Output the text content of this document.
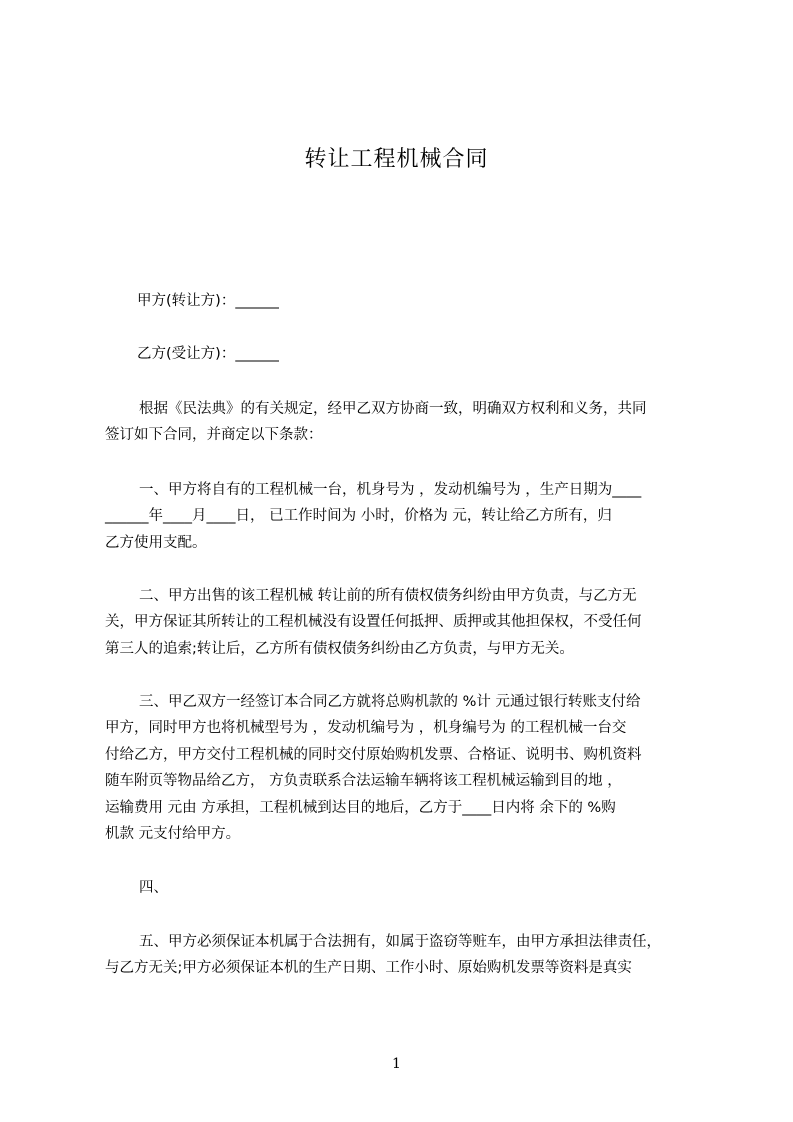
转让工程机械合同
甲方(转让方)：______
乙方(受让方)：______
根据《民法典》的有关规定，经甲乙双方协商一致，明确双方权利和义务，共同
签订如下合同，并商定以下条款：
一、甲方将自有的工程机械一台，机身号为 ，发动机编号为 ，生产日期为____
______年____月____日， 已工作时间为 小时，价格为 元，转让给乙方所有，归
乙方使用支配。
二、甲方出售的该工程机械 转让前的所有债权债务纠纷由甲方负责，与乙方无
关，甲方保证其所转让的工程机械没有设置任何抵押、质押或其他担保权，不受任何
第三人的追索;转让后，乙方所有债权债务纠纷由乙方负责，与甲方无关。
三、甲乙双方一经签订本合同乙方就将总购机款的 %计 元通过银行转账支付给
甲方，同时甲方也将机械型号为 ，发动机编号为 ，机身编号为 的工程机械一台交
付给乙方，甲方交付工程机械的同时交付原始购机发票、合格证、说明书、购机资料
随车附页等物品给乙方， 方负责联系合法运输车辆将该工程机械运输到目的地 ，
运输费用 元由 方承担，工程机械到达目的地后，乙方于____日内将 余下的 %购
机款 元支付给甲方。
四、
五、甲方必须保证本机属于合法拥有，如属于盗窃等赃车，由甲方承担法律责任，
与乙方无关;甲方必须保证本机的生产日期、工作小时、原始购机发票等资料是真实
1
